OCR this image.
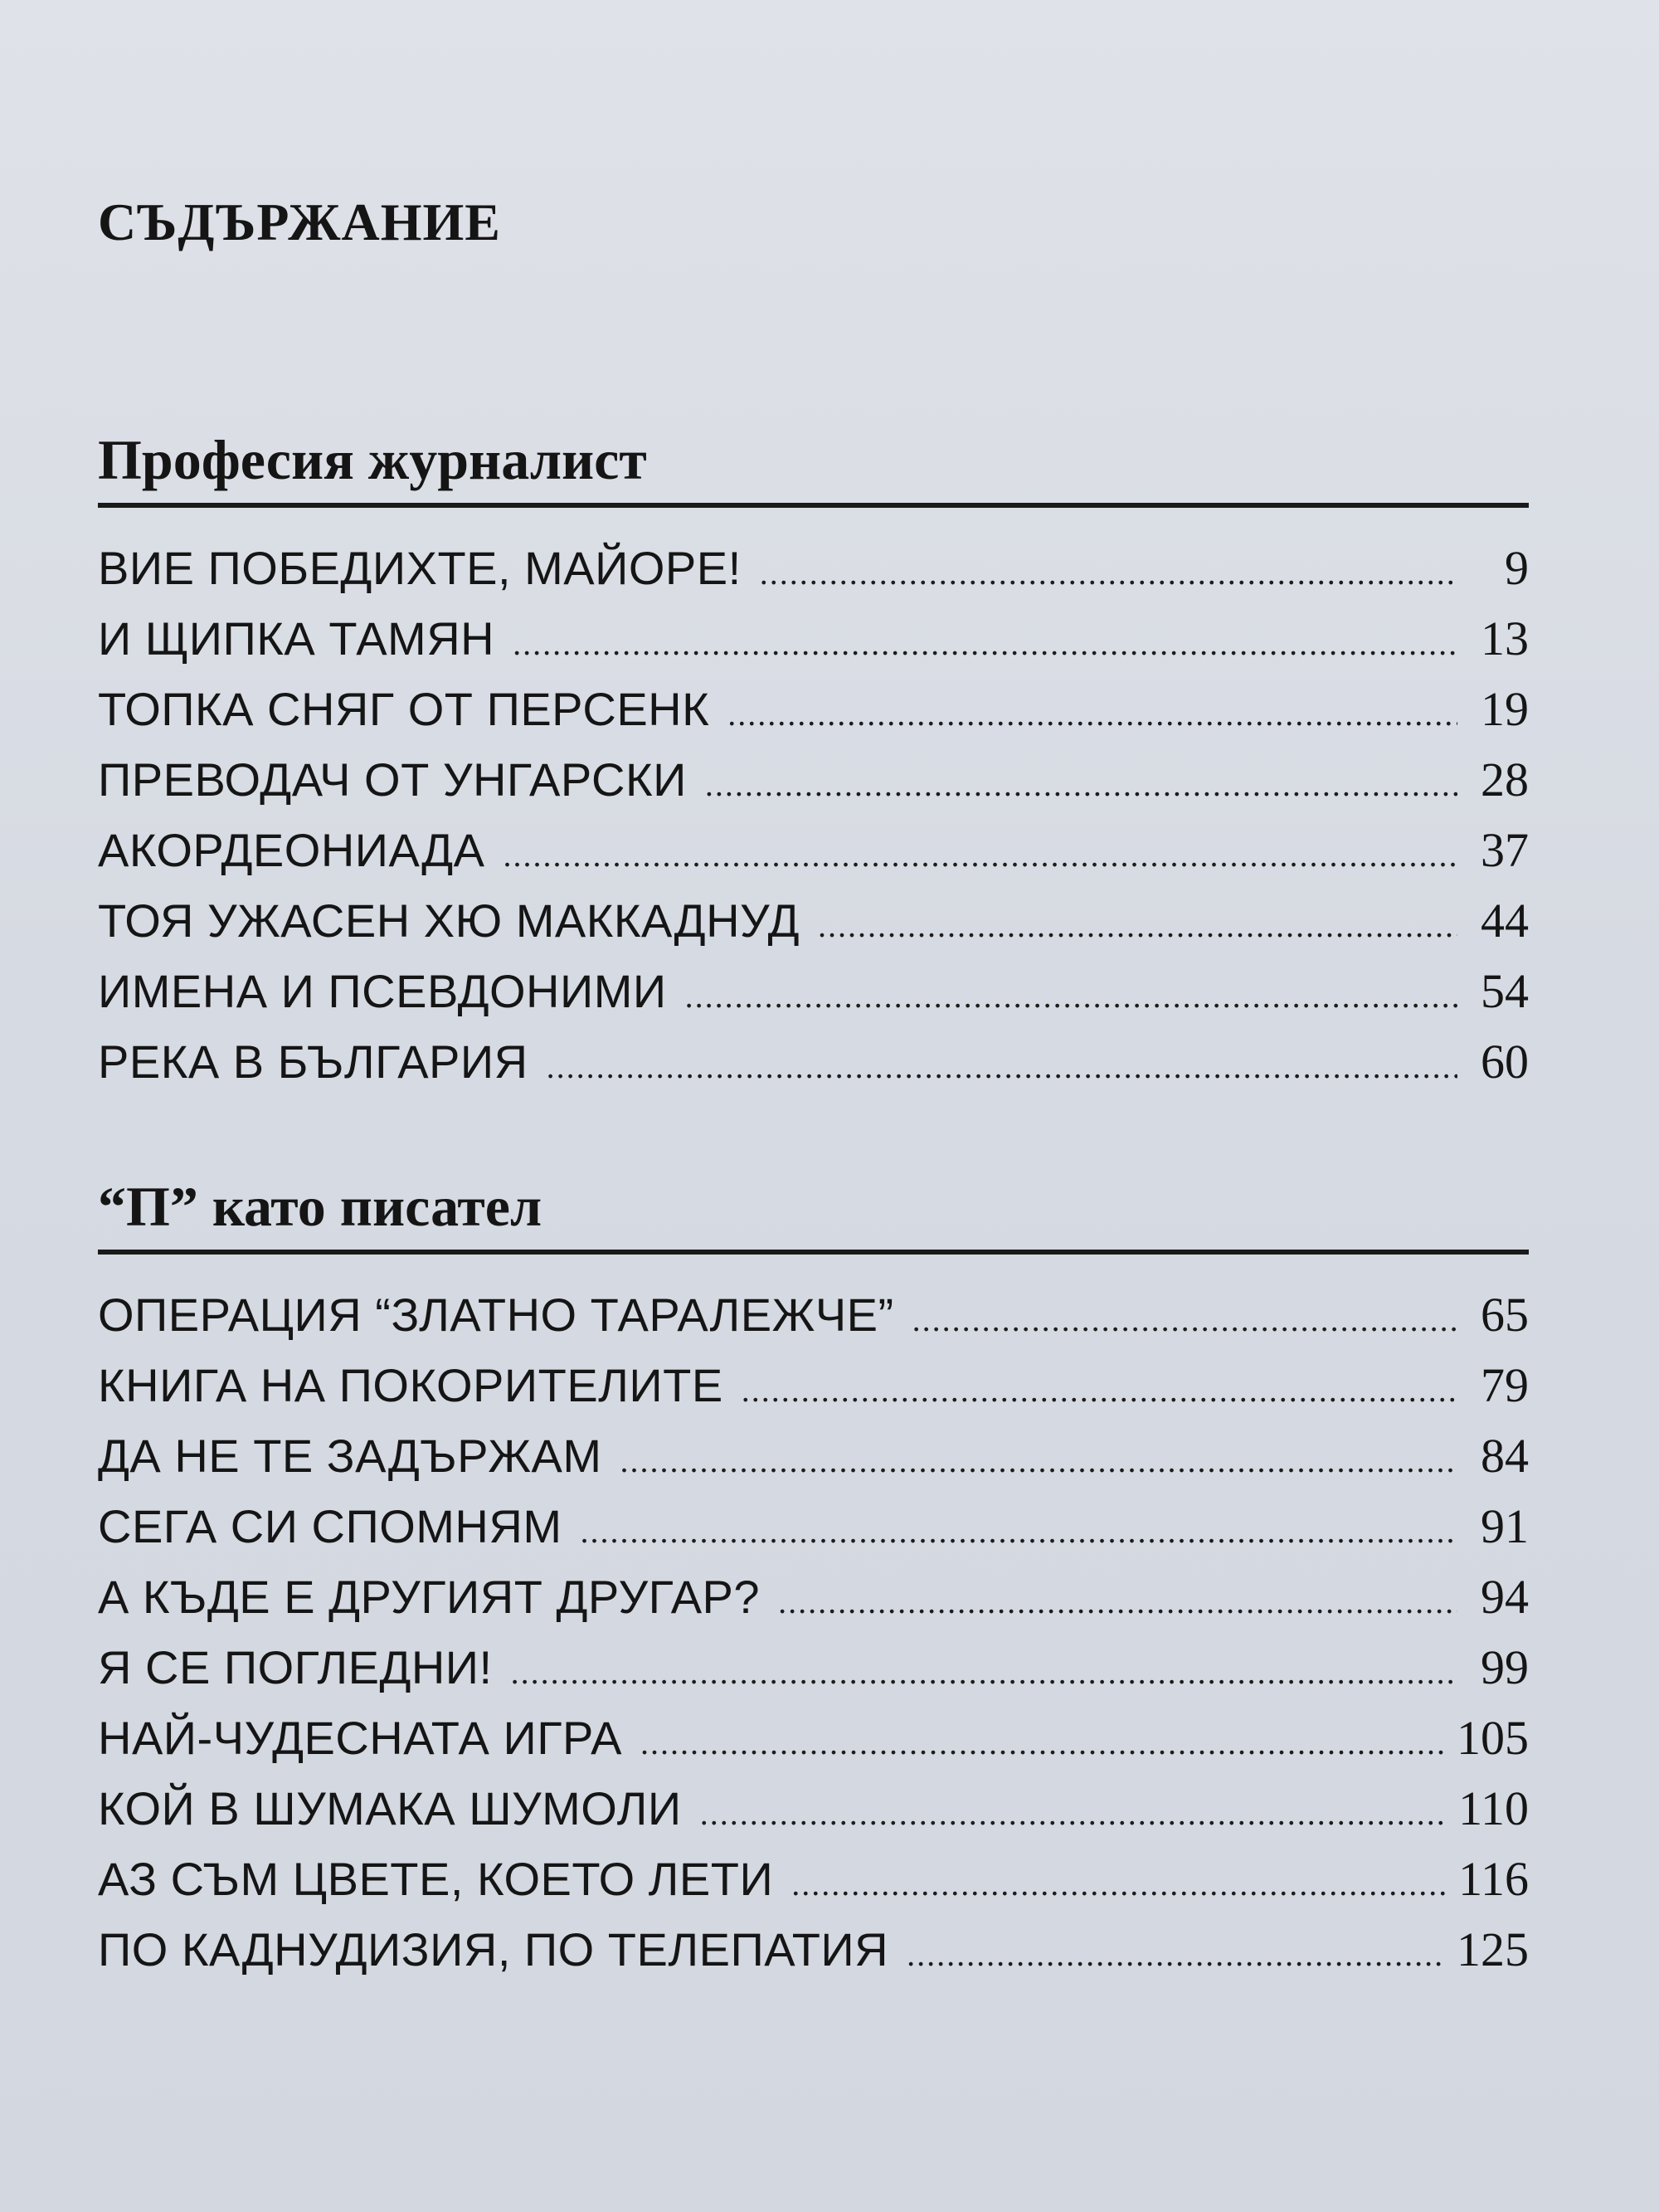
СЪДЪРЖАНИЕ
Професия журналист
ВИЕ ПОБЕДИХТЕ, МАЙОРЕ! .....	9
И ЩИПКА ТАМЯН .....	13
ТОПКА СНЯГ ОТ ПЕРСЕНК .....	19
ПРЕВОДАЧ ОТ УНГАРСКИ .....	28
АКОРДЕОНИАДА .....	37
ТОЯ УЖАСЕН ХЮ МАККАДНУД .....	44
ИМЕНА И ПСЕВДОНИМИ .....	54
РЕКА В БЪЛГАРИЯ .....	60
“П” като писател
ОПЕРАЦИЯ “ЗЛАТНО ТАРАЛЕЖЧЕ” .....	65
КНИГА НА ПОКОРИТЕЛИТЕ .....	79
ДА НЕ ТЕ ЗАДЪРЖАМ .....	84
СЕГА СИ СПОМНЯМ .....	91
А КЪДЕ Е ДРУГИЯТ ДРУГАР? .....	94
Я СЕ ПОГЛЕДНИ! .....	99
НАЙ-ЧУДЕСНАТА ИГРА .....	105
КОЙ В ШУМАКА ШУМОЛИ .....	110
АЗ СЪМ ЦВЕТЕ, КОЕТО ЛЕТИ .....	116
ПО КАДНУДИЗИЯ, ПО ТЕЛЕПАТИЯ .....	125
